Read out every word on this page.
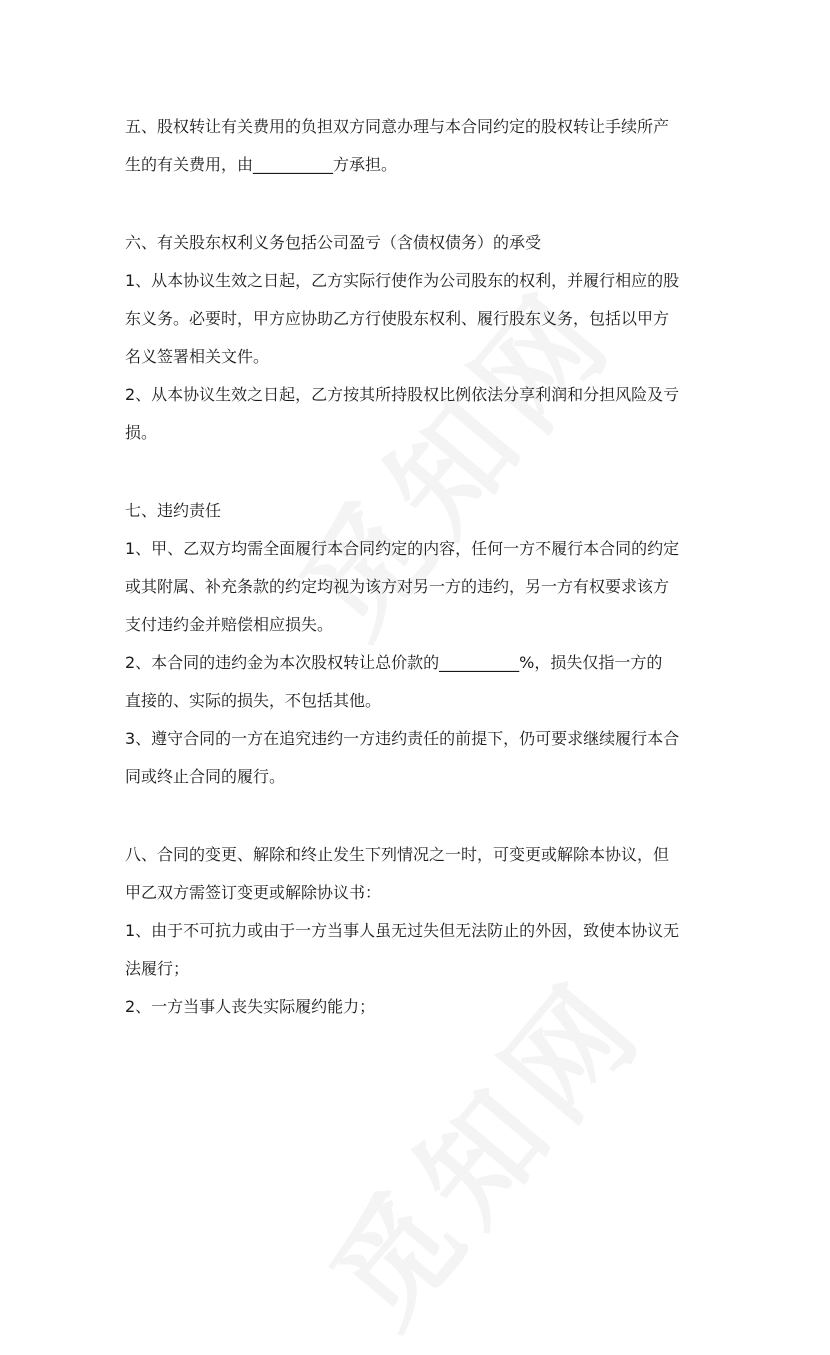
五、股权转让有关费用的负担双方同意办理与本合同约定的股权转让手续所产
生的有关费用，由__________方承担。
六、有关股东权利义务包括公司盈亏（含债权债务）的承受
1、从本协议生效之日起，乙方实际行使作为公司股东的权利，并履行相应的股
东义务。必要时，甲方应协助乙方行使股东权利、履行股东义务，包括以甲方
名义签署相关文件。
2、从本协议生效之日起，乙方按其所持股权比例依法分享利润和分担风险及亏
损。
七、违约责任
1、甲、乙双方均需全面履行本合同约定的内容，任何一方不履行本合同的约定
或其附属、补充条款的约定均视为该方对另一方的违约，另一方有权要求该方
支付违约金并赔偿相应损失。
2、本合同的违约金为本次股权转让总价款的__________%，损失仅指一方的
直接的、实际的损失，不包括其他。
3、遵守合同的一方在追究违约一方违约责任的前提下，仍可要求继续履行本合
同或终止合同的履行。
八、合同的变更、解除和终止发生下列情况之一时，可变更或解除本协议，但
甲乙双方需签订变更或解除协议书：
1、由于不可抗力或由于一方当事人虽无过失但无法防止的外因，致使本协议无
法履行；
2、一方当事人丧失实际履约能力；
